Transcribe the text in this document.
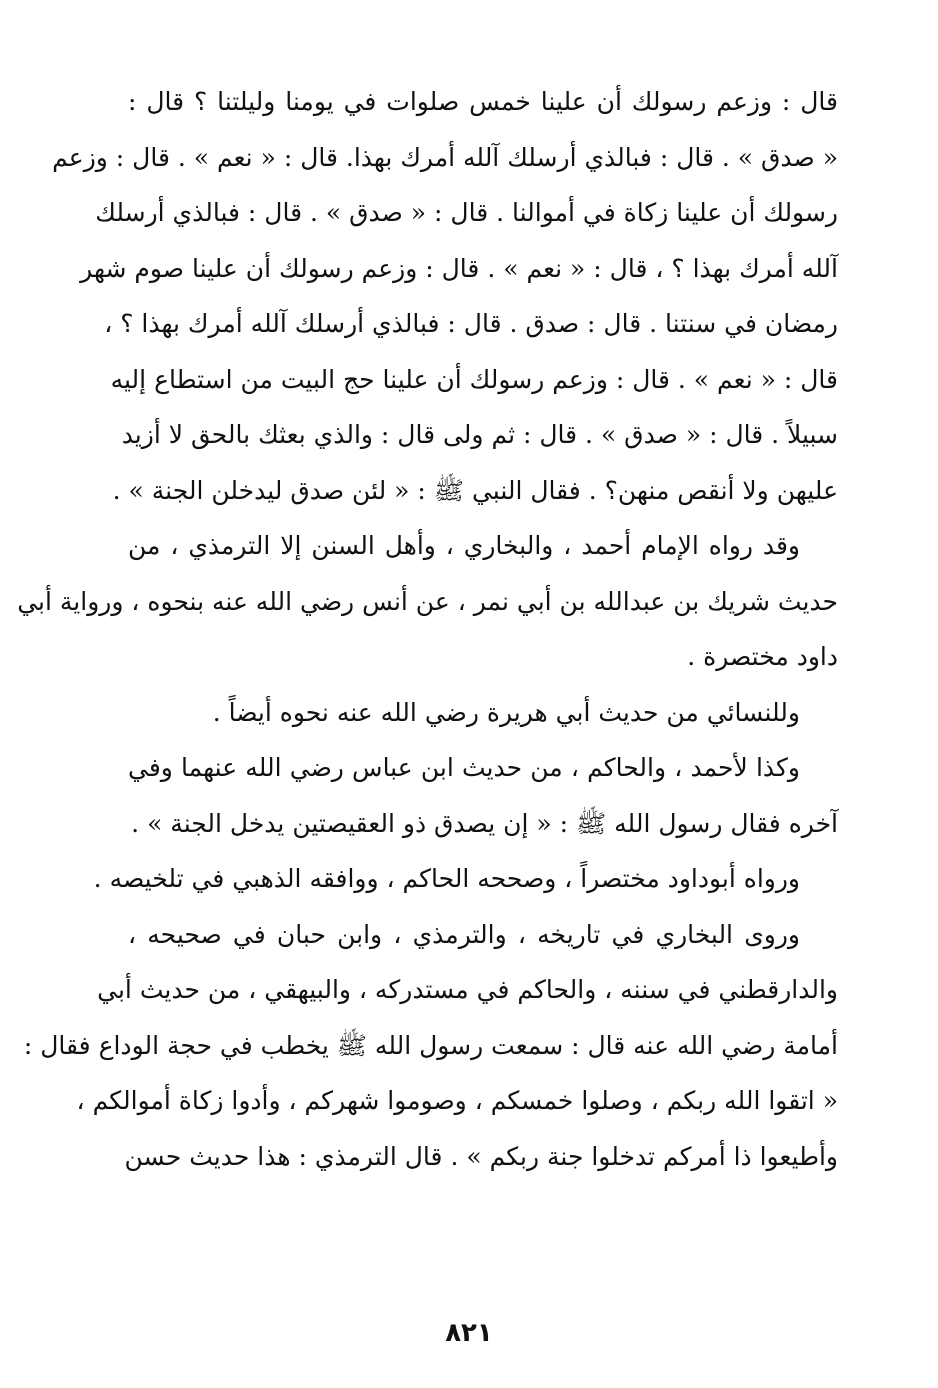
قال : وزعم رسولك أن علينا خمس صلوات في يومنا وليلتنا ؟ قال :
« صدق » . قال : فبالذي أرسلك آلله أمرك بهذا. قال : « نعم » . قال : وزعم
رسولك أن علينا زكاة في أموالنا . قال : « صدق » . قال : فبالذي أرسلك
آلله أمرك بهذا ؟ ، قال : « نعم » . قال : وزعم رسولك أن علينا صوم شهر
رمضان في سنتنا . قال : صدق . قال : فبالذي أرسلك آلله أمرك بهذا ؟ ،
قال : « نعم » . قال : وزعم رسولك أن علينا حج البيت من استطاع إليه
سبيلاً . قال : « صدق » . قال : ثم ولى قال : والذي بعثك بالحق لا أزيد
عليهن ولا أنقص منهن؟ . فقال النبي ﷺ : « لئن صدق ليدخلن الجنة » .
وقد رواه الإمام أحمد ، والبخاري ، وأهل السنن إلا الترمذي ، من
حديث شريك بن عبدالله بن أبي نمر ، عن أنس رضي الله عنه بنحوه ، ورواية أبي
داود مختصرة .
وللنسائي من حديث أبي هريرة رضي الله عنه نحوه أيضاً .
وكذا لأحمد ، والحاكم ، من حديث ابن عباس رضي الله عنهما وفي
آخره فقال رسول الله ﷺ : « إن يصدق ذو العقيصتين يدخل الجنة » .
ورواه أبوداود مختصراً ، وصححه الحاكم ، ووافقه الذهبي في تلخيصه .
وروى البخاري في تاريخه ، والترمذي ، وابن حبان في صحيحه ،
والدارقطني في سننه ، والحاكم في مستدركه ، والبيهقي ، من حديث أبي
أمامة رضي الله عنه قال : سمعت رسول الله ﷺ يخطب في حجة الوداع فقال :
« اتقوا الله ربكم ، وصلوا خمسكم ، وصوموا شهركم ، وأدوا زكاة أموالكم ،
وأطيعوا ذا أمركم تدخلوا جنة ربكم » . قال الترمذي : هذا حديث حسن
٨٢١
